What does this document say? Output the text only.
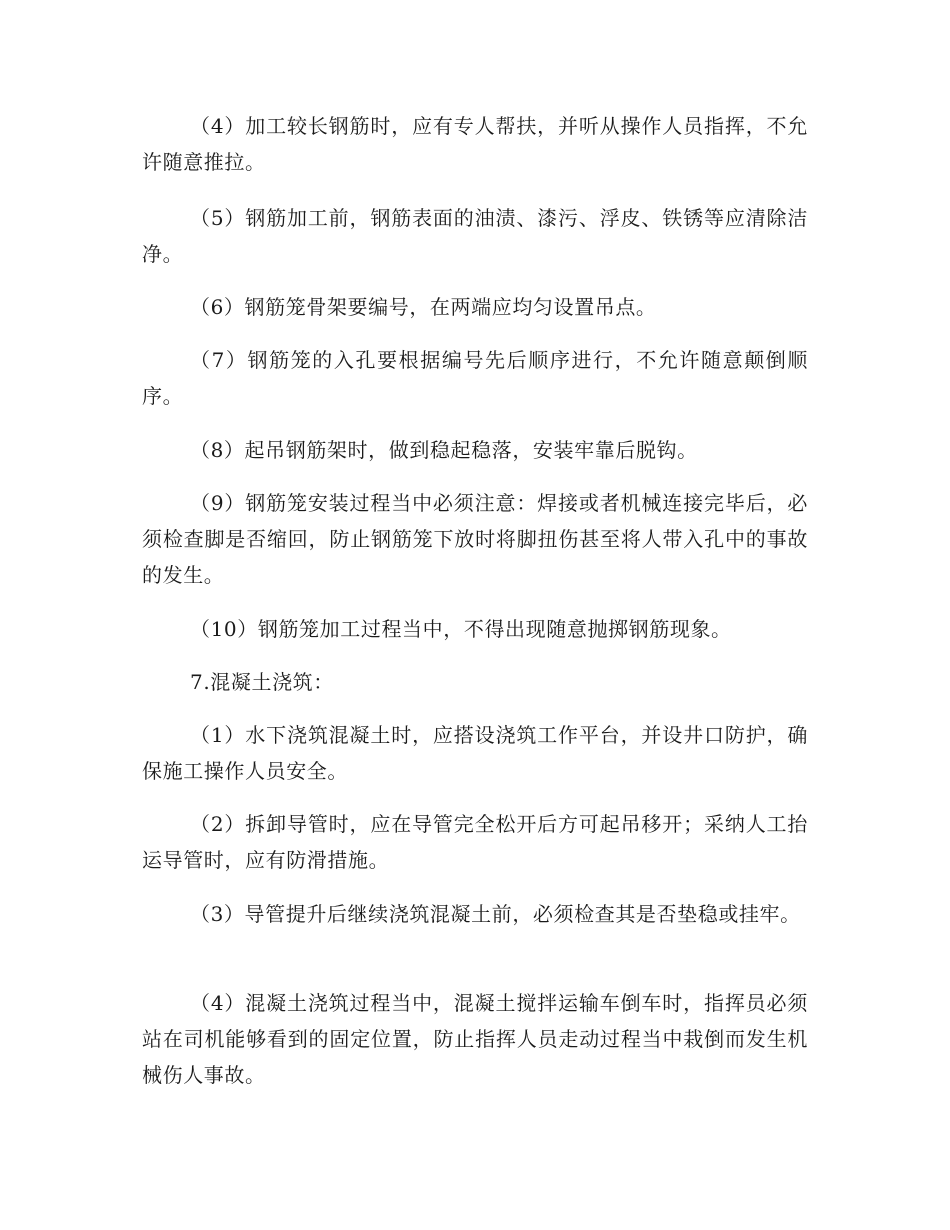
（4）加工较长钢筋时，应有专人帮扶，并听从操作人员指挥，不允许随意推拉。

（5）钢筋加工前，钢筋表面的油渍、漆污、浮皮、铁锈等应清除洁净。

（6）钢筋笼骨架要编号，在两端应均匀设置吊点。

（7）钢筋笼的入孔要根据编号先后顺序进行，不允许随意颠倒顺序。

（8）起吊钢筋架时，做到稳起稳落，安装牢靠后脱钩。

（9）钢筋笼安装过程当中必须注意：焊接或者机械连接完毕后，必须检查脚是否缩回，防止钢筋笼下放时将脚扭伤甚至将人带入孔中的事故的发生。

（10）钢筋笼加工过程当中，不得出现随意抛掷钢筋现象。

7.混凝土浇筑：

（1）水下浇筑混凝土时，应搭设浇筑工作平台，并设井口防护，确保施工操作人员安全。

（2）拆卸导管时，应在导管完全松开后方可起吊移开；采纳人工抬运导管时，应有防滑措施。

（3）导管提升后继续浇筑混凝土前，必须检查其是否垫稳或挂牢。

（4）混凝土浇筑过程当中，混凝土搅拌运输车倒车时，指挥员必须站在司机能够看到的固定位置，防止指挥人员走动过程当中栽倒而发生机械伤人事故。
